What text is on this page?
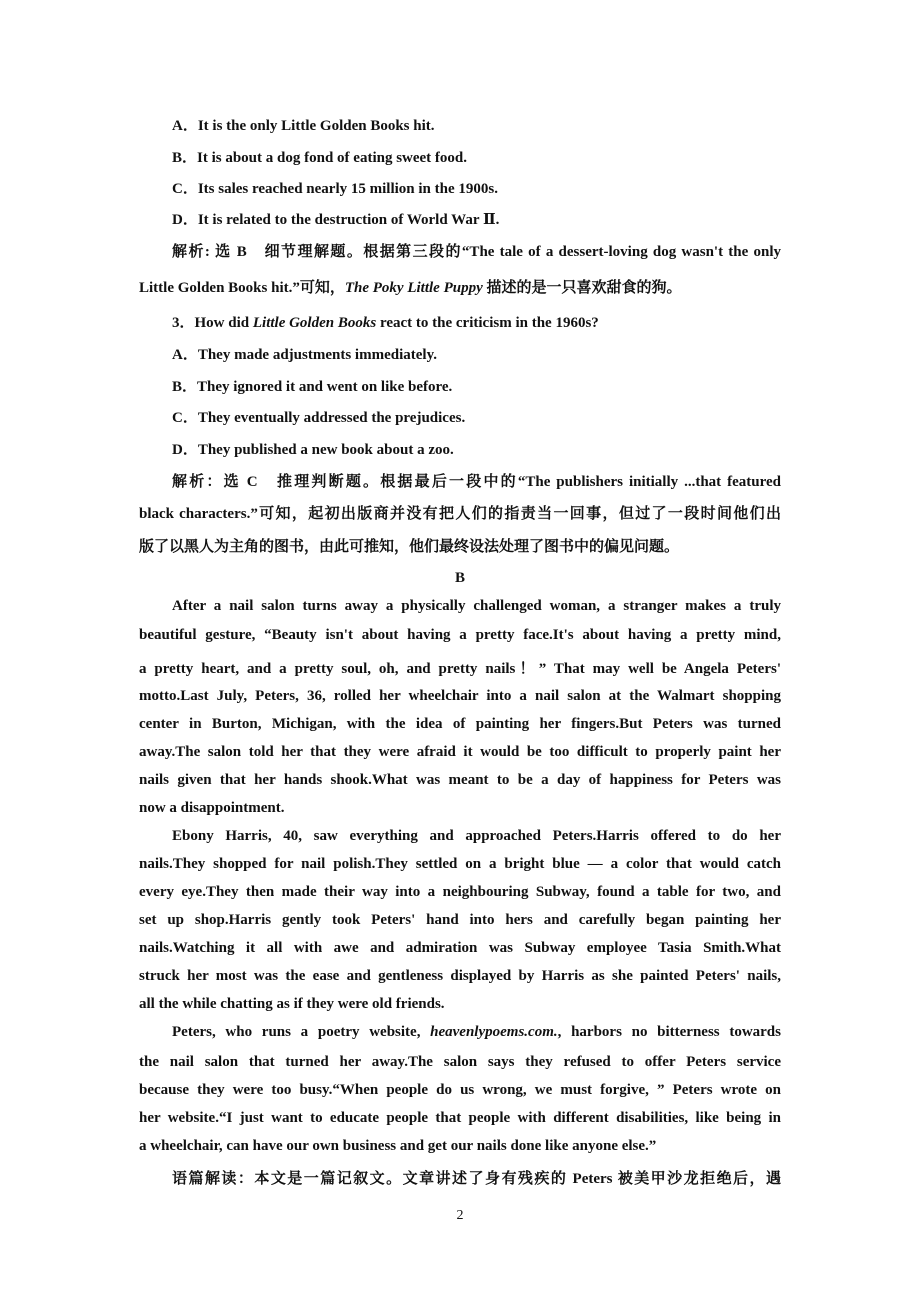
A．It is the only Little Golden Books hit.
B．It is about a dog fond of eating sweet food.
C．Its sales reached nearly 15 million in the 1900s.
D．It is related to the destruction of World War Ⅱ.
解析: 选 B　细节理解题。根据第三段的“The tale of a dessert-loving dog wasn't the only
Little Golden Books hit.”可知，The Poky Little Puppy 描述的是一只喜欢甜食的狗。
3．How did Little Golden Books react to the criticism in the 1960s?
A．They made adjustments immediately.
B．They ignored it and went on like before.
C．They eventually addressed the prejudices.
D．They published a new book about a zoo.
解析：选 C　推理判断题。根据最后一段中的“The publishers initially ...that featured
black characters.”可知，起初出版商并没有把人们的指责当一回事，但过了一段时间他们出
版了以黑人为主角的图书，由此可推知，他们最终设法处理了图书中的偏见问题。
B
After a nail salon turns away a physically challenged woman, a stranger makes a truly
beautiful gesture, “Beauty isn't about having a pretty face.It's about having a pretty mind,
a pretty heart, and a pretty soul, oh, and pretty nails！” That may well be Angela Peters'
motto.Last July, Peters, 36, rolled her wheelchair into a nail salon at the Walmart shopping
center in Burton, Michigan, with the idea of painting her fingers.But Peters was turned
away.The salon told her that they were afraid it would be too difficult to properly paint her
nails given that her hands shook.What was meant to be a day of happiness for Peters was
now a disappointment.
Ebony Harris, 40, saw everything and approached Peters.Harris offered to do her
nails.They shopped for nail polish.They settled on a bright blue — a color that would catch
every eye.They then made their way into a neighbouring Subway, found a table for two, and
set up shop.Harris gently took Peters' hand into hers and carefully began painting her
nails.Watching it all with awe and admiration was Subway employee Tasia Smith.What
struck her most was the ease and gentleness displayed by Harris as she painted Peters' nails,
all the while chatting as if they were old friends.
Peters, who runs a poetry website, heavenlypoems.com., harbors no bitterness towards
the nail salon that turned her away.The salon says they refused to offer Peters service
because they were too busy.“When people do us wrong, we must forgive, ” Peters wrote on
her website.“I just want to educate people that people with different disabilities, like being in
a wheelchair, can have our own business and get our nails done like anyone else.”
语篇解读：本文是一篇记叙文。文章讲述了身有残疾的 Peters 被美甲沙龙拒绝后，遇
2
